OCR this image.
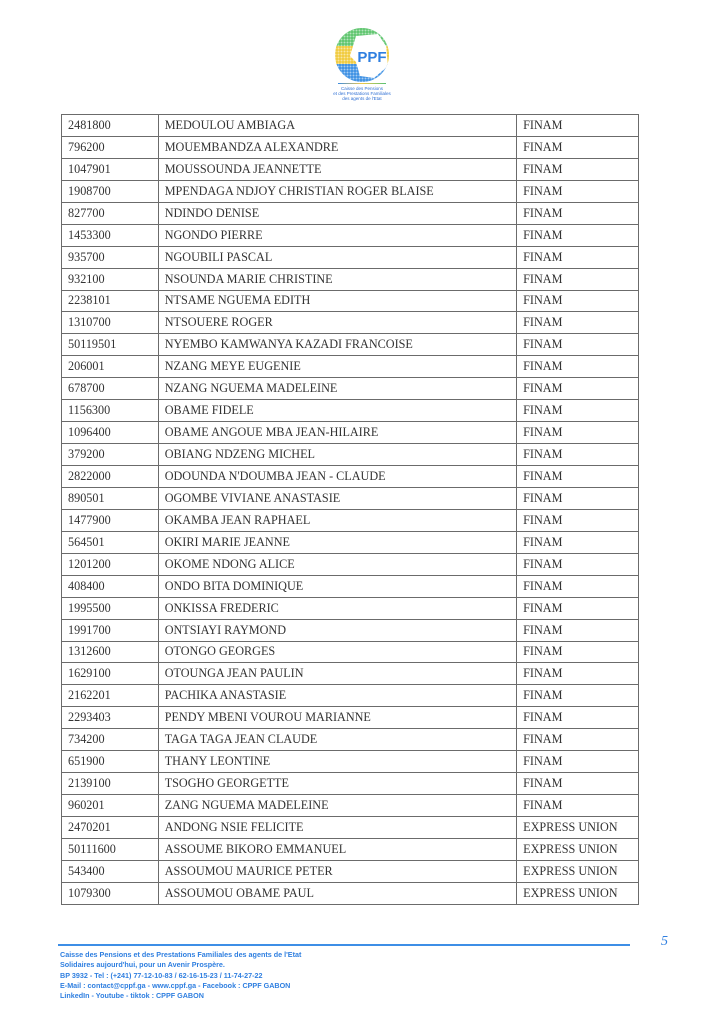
PPF
Caisse des Pensions
et des Prestations Familiales
des agents de l'Etat
2481800	MEDOULOU AMBIAGA	FINAM
796200	MOUEMBANDZA ALEXANDRE	FINAM
1047901	MOUSSOUNDA JEANNETTE	FINAM
1908700	MPENDAGA NDJOY CHRISTIAN ROGER BLAISE	FINAM
827700	NDINDO DENISE	FINAM
1453300	NGONDO PIERRE	FINAM
935700	NGOUBILI PASCAL	FINAM
932100	NSOUNDA MARIE CHRISTINE	FINAM
2238101	NTSAME NGUEMA EDITH	FINAM
1310700	NTSOUERE ROGER	FINAM
50119501	NYEMBO KAMWANYA KAZADI FRANCOISE	FINAM
206001	NZANG MEYE EUGENIE	FINAM
678700	NZANG NGUEMA MADELEINE	FINAM
1156300	OBAME FIDELE	FINAM
1096400	OBAME ANGOUE MBA JEAN-HILAIRE	FINAM
379200	OBIANG NDZENG MICHEL	FINAM
2822000	ODOUNDA N'DOUMBA JEAN - CLAUDE	FINAM
890501	OGOMBE VIVIANE ANASTASIE	FINAM
1477900	OKAMBA JEAN RAPHAEL	FINAM
564501	OKIRI MARIE JEANNE	FINAM
1201200	OKOME NDONG ALICE	FINAM
408400	ONDO BITA DOMINIQUE	FINAM
1995500	ONKISSA FREDERIC	FINAM
1991700	ONTSIAYI RAYMOND	FINAM
1312600	OTONGO GEORGES	FINAM
1629100	OTOUNGA JEAN PAULIN	FINAM
2162201	PACHIKA ANASTASIE	FINAM
2293403	PENDY MBENI VOUROU MARIANNE	FINAM
734200	TAGA TAGA JEAN CLAUDE	FINAM
651900	THANY LEONTINE	FINAM
2139100	TSOGHO GEORGETTE	FINAM
960201	ZANG NGUEMA MADELEINE	FINAM
2470201	ANDONG NSIE FELICITE	EXPRESS UNION
50111600	ASSOUME BIKORO EMMANUEL	EXPRESS UNION
543400	ASSOUMOU MAURICE PETER	EXPRESS UNION
1079300	ASSOUMOU OBAME PAUL	EXPRESS UNION
5
Caisse des Pensions et des Prestations Familiales des agents de l'Etat
Solidaires aujourd'hui, pour un Avenir Prospère.
BP 3932 - Tel : (+241) 77-12-10-83 / 62-16-15-23 / 11-74-27-22
E-Mail : contact@cppf.ga - www.cppf.ga - Facebook : CPPF GABON
LinkedIn - Youtube - tiktok : CPPF GABON
